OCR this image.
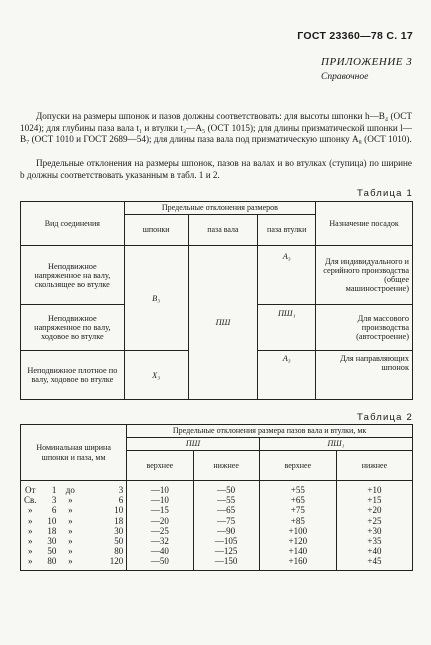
ГОСТ 23360—78 С. 17
ПРИЛОЖЕНИЕ 3
Справочное

Допуски на размеры шпонок и пазов должны соответствовать: для высоты шпонки h—B₄ (ОСТ 1024); для глубины паза вала t₁ и втулки t₂—A₅ (ОСТ 1015); для длины призматической шпонки l—B₇ (ОСТ 1010 и ГОСТ 2689—54); для длины паза вала под призматическую шпонку A₈ (ОСТ 1010).

Предельные отклонения на размеры шпонок, пазов на валах и во втулках (ступица) по ширине b должны соответствовать указанным в табл. 1 и 2.

Таблица 1
Вид соединения	Предельные отклонения размеров			Назначение посадок
	шпонки	паза вала	паза втулки	
Неподвижное напряженное на валу, скользящее во втулке	B₃	ПШ	A₃	Для индивидуального и серийного производства (общее машиностроение)
Неподвижное напряженное по валу, ходовое во втулке			ПШ₁	Для массового производства (автостроение)
Неподвижное плотное по валу, ходовое во втулке	X₃		A₃	Для направляющих шпонок
Таблица 2
Номинальная ширина шпонки и паза, мм				Предельные отклонения размера пазов вала и втулки, мк			
				ПШ		ПШ₁	
				верхнее	нижнее	верхнее	нижнее
От	1	до	3	—10	—50	+55	+10
Св.	3	»	6	—10	—55	+65	+15
»	6	»	10	—15	—65	+75	+20
»	10	»	18	—20	—75	+85	+25
»	18	»	30	—25	—90	+100	+30
»	30	»	50	—32	—105	+120	+35
»	50	»	80	—40	—125	+140	+40
»	80	»	120	—50	—150	+160	+45
